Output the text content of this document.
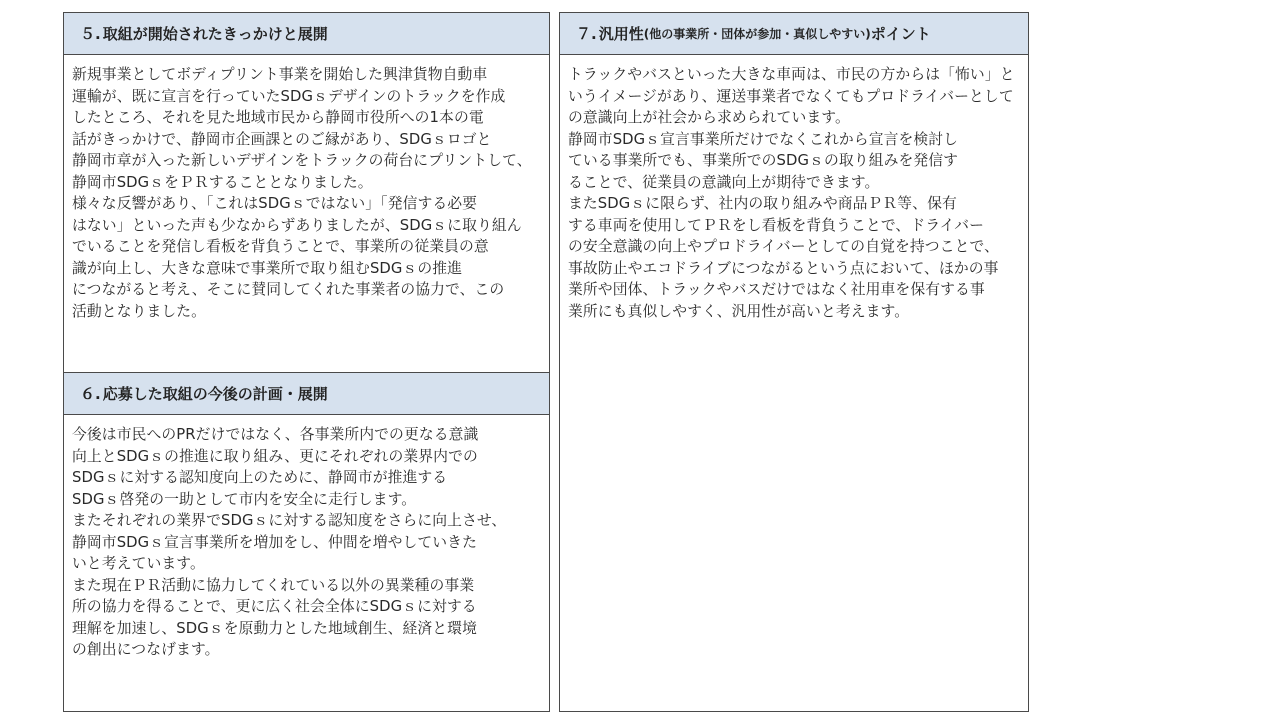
５. 取組が開始されたきっかけと展開

新規事業としてボディプリント事業を開始した興津貨物自動車

運輸が、既に宣言を行っていたSDGｓデザインのトラックを作成

したところ、それを見た地域市民から静岡市役所への1本の電

話がきっかけで、静岡市企画課とのご縁があり、SDGｓロゴと

静岡市章が入った新しいデザインをトラックの荷台にプリントして、

静岡市SDGｓをＰＲすることとなりました。

様々な反響があり、「これはSDGｓではない」「発信する必要

はない」といった声も少なからずありましたが、SDGｓに取り組ん

でいることを発信し看板を背負うことで、事業所の従業員の意

識が向上し、大きな意味で事業所で取り組むSDGｓの推進

につながると考え、そこに賛同してくれた事業者の協力で、この

活動となりました。

６. 応募した取組の今後の計画・展開

今後は市民へのPRだけではなく、各事業所内での更なる意識

向上とSDGｓの推進に取り組み、更にそれぞれの業界内での

SDGｓに対する認知度向上のために、静岡市が推進する

SDGｓ啓発の一助として市内を安全に走行します。

またそれぞれの業界でSDGｓに対する認知度をさらに向上させ、

静岡市SDGｓ宣言事業所を増加をし、仲間を増やしていきた

いと考えています。

また現在ＰＲ活動に協力してくれている以外の異業種の事業

所の協力を得ることで、更に広く社会全体にSDGｓに対する

理解を加速し、SDGｓを原動力とした地域創生、経済と環境

の創出につなげます。

７. 汎用性 (他の事業所・団体が参加・真似しやすい) ポイント

トラックやバスといった大きな車両は、市民の方からは「怖い」と

いうイメージがあり、運送事業者でなくてもプロドライバーとして

の意識向上が社会から求められています。

静岡市SDGｓ宣言事業所だけでなくこれから宣言を検討し

ている事業所でも、事業所でのSDGｓの取り組みを発信す

ることで、従業員の意識向上が期待できます。

またSDGｓに限らず、社内の取り組みや商品ＰＲ等、保有

する車両を使用してＰＲをし看板を背負うことで、ドライバー

の安全意識の向上やプロドライバーとしての自覚を持つことで、

事故防止やエコドライブにつながるという点において、ほかの事

業所や団体、トラックやバスだけではなく社用車を保有する事

業所にも真似しやすく、汎用性が高いと考えます。
